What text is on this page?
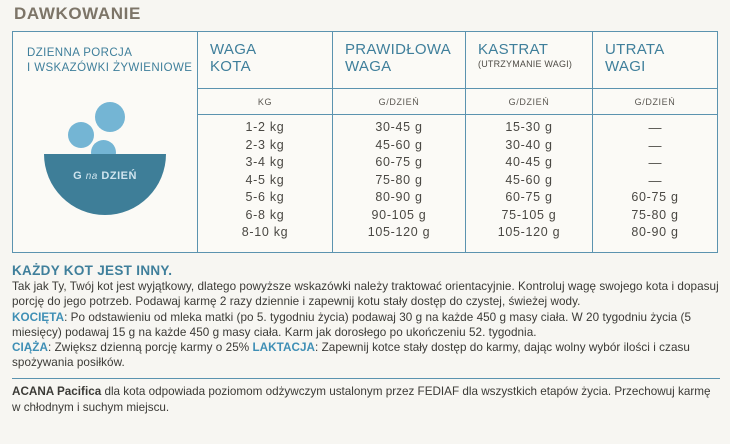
DAWKOWANIE
DZIENNA PORCJA
I WSKAZÓWKI ŻYWIENIOWE
G na DZIEŃ
WAGA
KOTA
KG
1-2 kg
2-3 kg
3-4 kg
4-5 kg
5-6 kg
6-8 kg
8-10 kg
PRAWIDŁOWA
WAGA
G/DZIEŃ
30-45 g
45-60 g
60-75 g
75-80 g
80-90 g
90-105 g
105-120 g
KASTRAT
(UTRZYMANIE WAGI)
G/DZIEŃ
15-30 g
30-40 g
40-45 g
45-60 g
60-75 g
75-105 g
105-120 g
UTRATA
WAGI
G/DZIEŃ
—
—
—
—
60-75 g
75-80 g
80-90 g
KAŻDY KOT JEST INNY.
Tak jak Ty, Twój kot jest wyjątkowy, dlatego powyższe wskazówki należy traktować orientacyjnie. Kontroluj wagę swojego kota i dopasuj porcję do jego potrzeb. Podawaj karmę 2 razy dziennie i zapewnij kotu stały dostęp do czystej, świeżej wody.
KOCIĘTA: Po odstawieniu od mleka matki (po 5. tygodniu życia) podawaj 30 g na każde 450 g masy ciała. W 20 tygodniu życia (5 miesięcy) podawaj 15 g na każde 450 g masy ciała. Karm jak dorosłego po ukończeniu 52. tygodnia.
CIĄŻA: Zwiększ dzienną porcję karmy o 25% LAKTACJA: Zapewnij kotce stały dostęp do karmy, dając wolny wybór ilości i czasu spożywania posiłków.
ACANA Pacifica dla kota odpowiada poziomom odżywczym ustalonym przez FEDIAF dla wszystkich etapów życia. Przechowuj karmę w chłodnym i suchym miejscu.
